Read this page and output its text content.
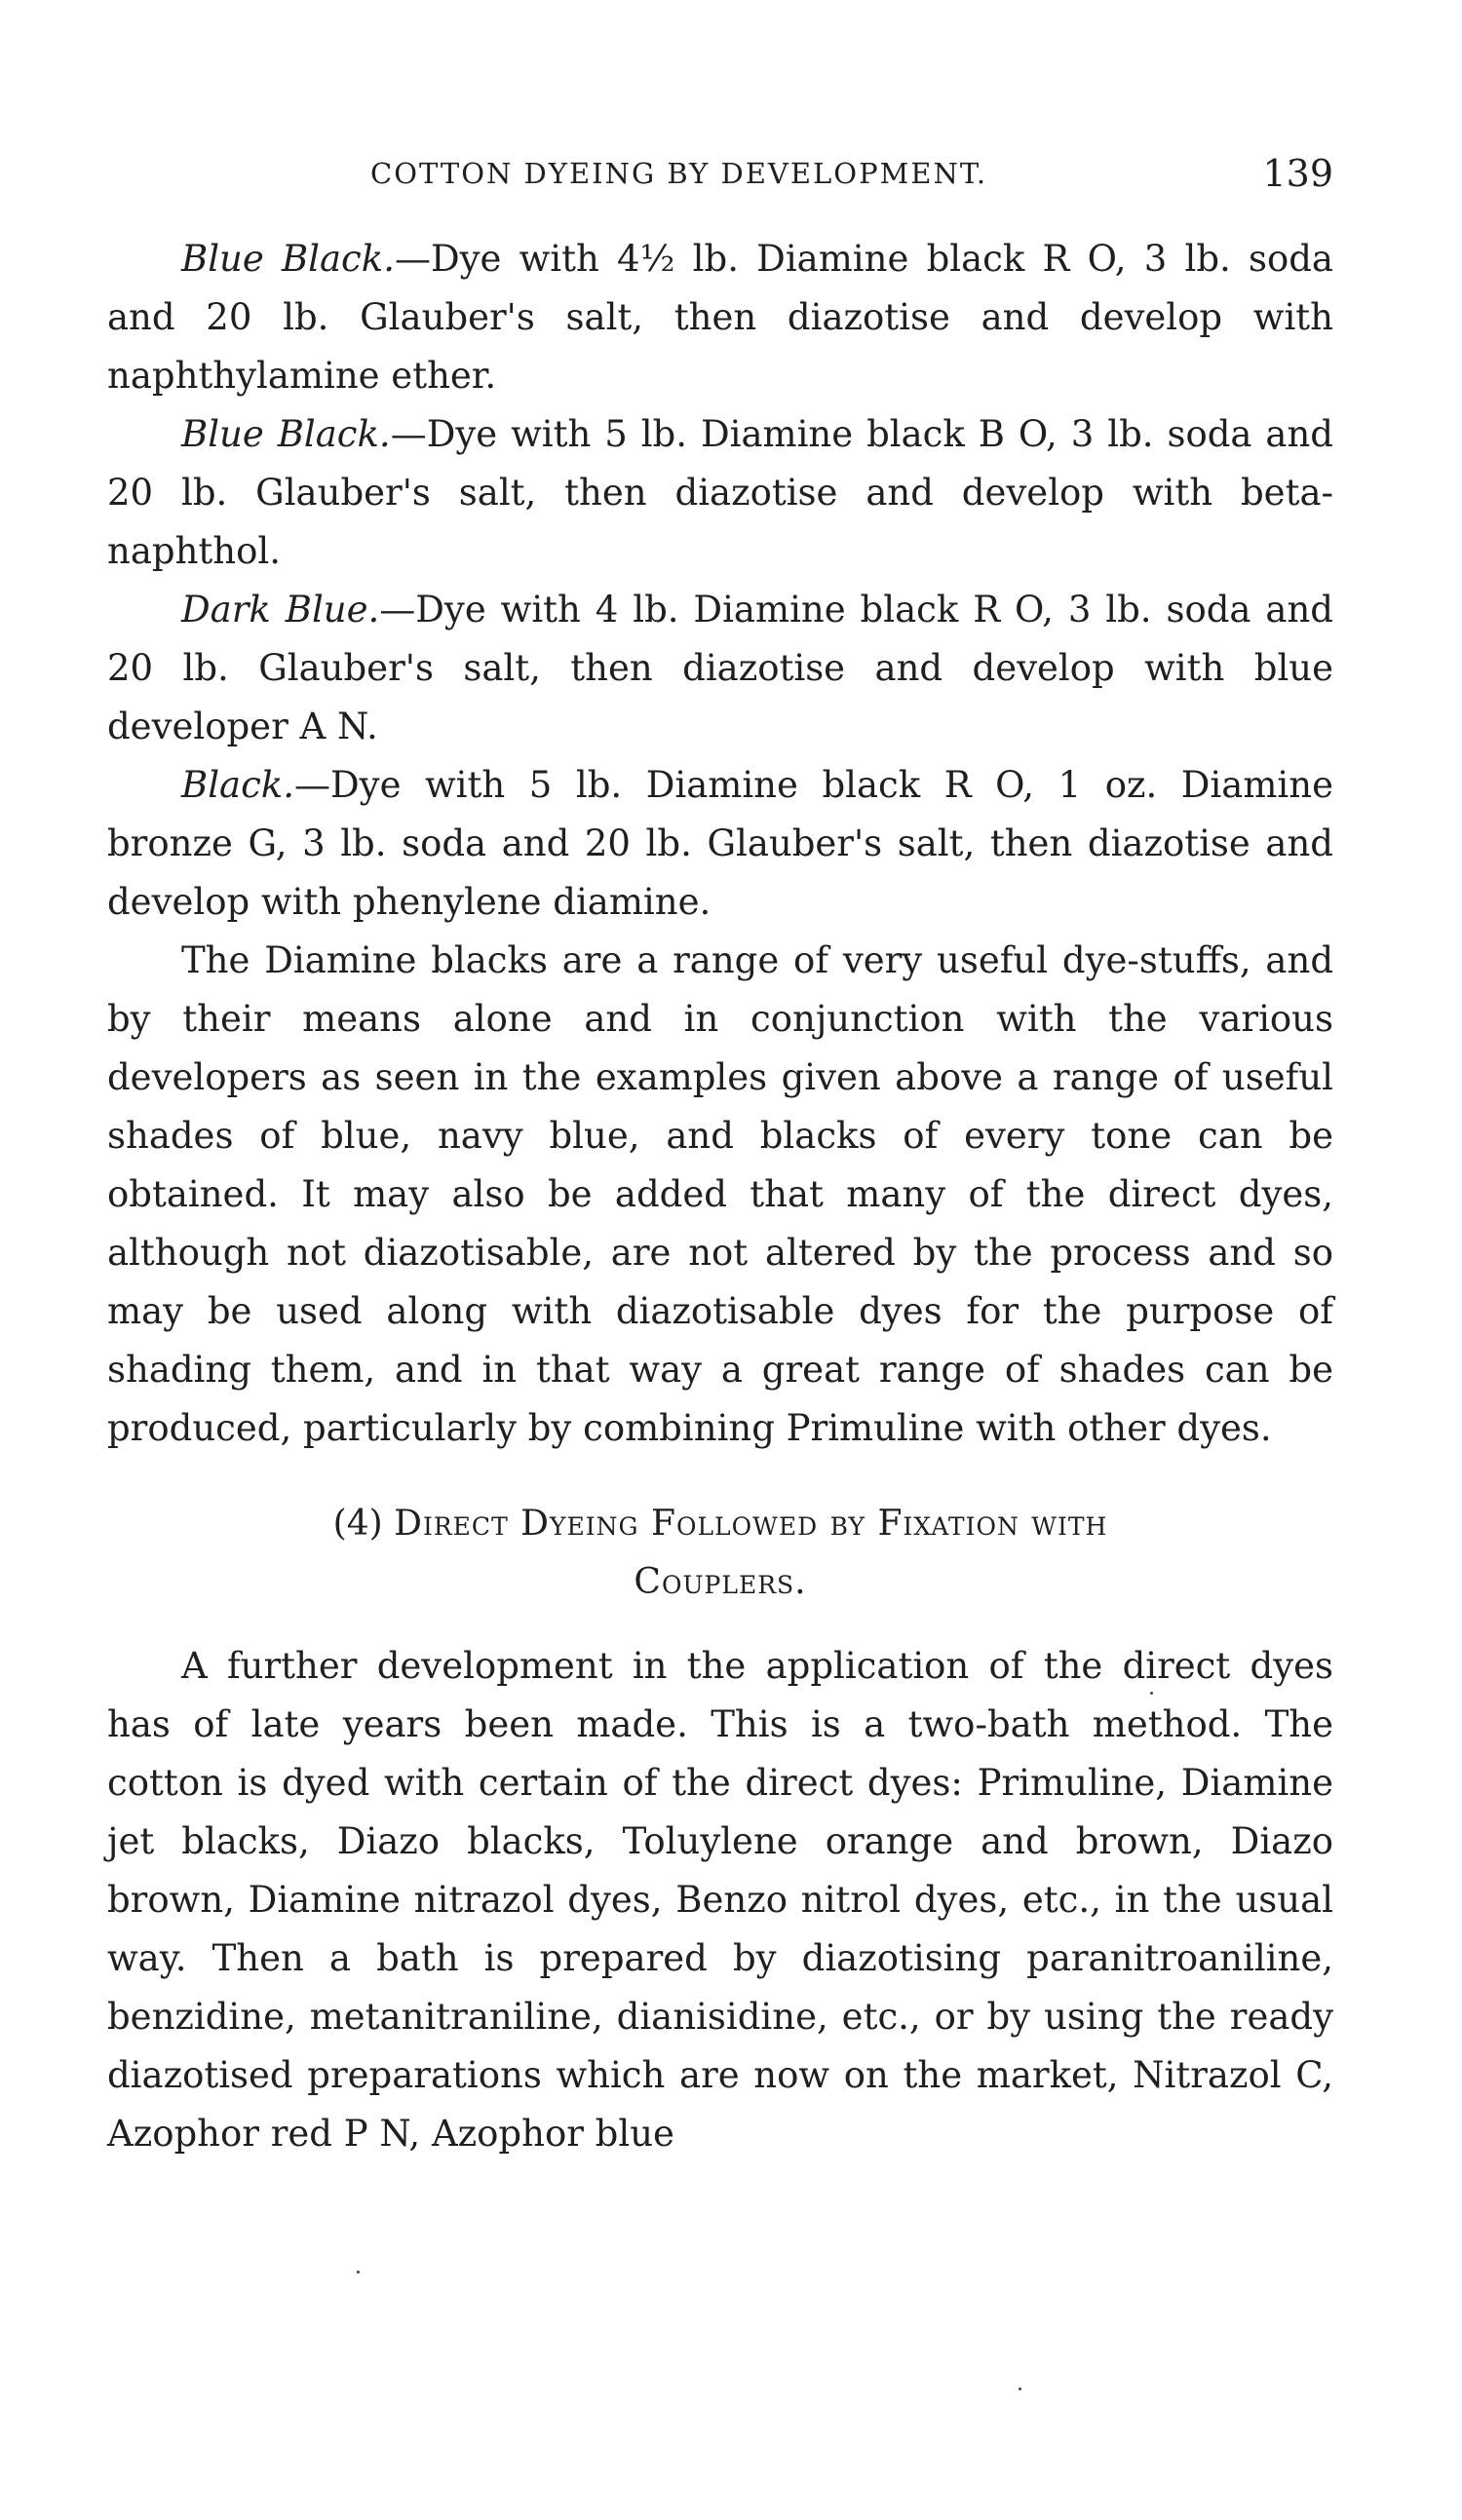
COTTON DYEING BY DEVELOPMENT.	139

Blue Black.—Dye with 4½ lb. Diamine black R O, 3 lb. soda and 20 lb. Glauber's salt, then diazotise and develop with naphthylamine ether.

Blue Black.—Dye with 5 lb. Diamine black B O, 3 lb. soda and 20 lb. Glauber's salt, then diazotise and develop with beta-naphthol.

Dark Blue.—Dye with 4 lb. Diamine black R O, 3 lb. soda and 20 lb. Glauber's salt, then diazotise and develop with blue developer A N.

Black.—Dye with 5 lb. Diamine black R O, 1 oz. Diamine bronze G, 3 lb. soda and 20 lb. Glauber's salt, then diazotise and develop with phenylene diamine.

The Diamine blacks are a range of very useful dye-stuffs, and by their means alone and in conjunction with the various developers as seen in the examples given above a range of useful shades of blue, navy blue, and blacks of every tone can be obtained. It may also be added that many of the direct dyes, although not diazotisable, are not altered by the process and so may be used along with diazotisable dyes for the purpose of shading them, and in that way a great range of shades can be produced, particularly by combining Primuline with other dyes.

(4) Direct Dyeing Followed by Fixation with
Couplers.

A further development in the application of the direct dyes has of late years been made. This is a two-bath method. The cotton is dyed with certain of the direct dyes: Primuline, Diamine jet blacks, Diazo blacks, Toluylene orange and brown, Diazo brown, Diamine nitrazol dyes, Benzo nitrol dyes, etc., in the usual way. Then a bath is prepared by diazotising paranitroaniline, benzidine, metanitraniline, dianisidine, etc., or by using the ready diazotised preparations which are now on the market, Nitrazol C, Azophor red P N, Azophor blue
